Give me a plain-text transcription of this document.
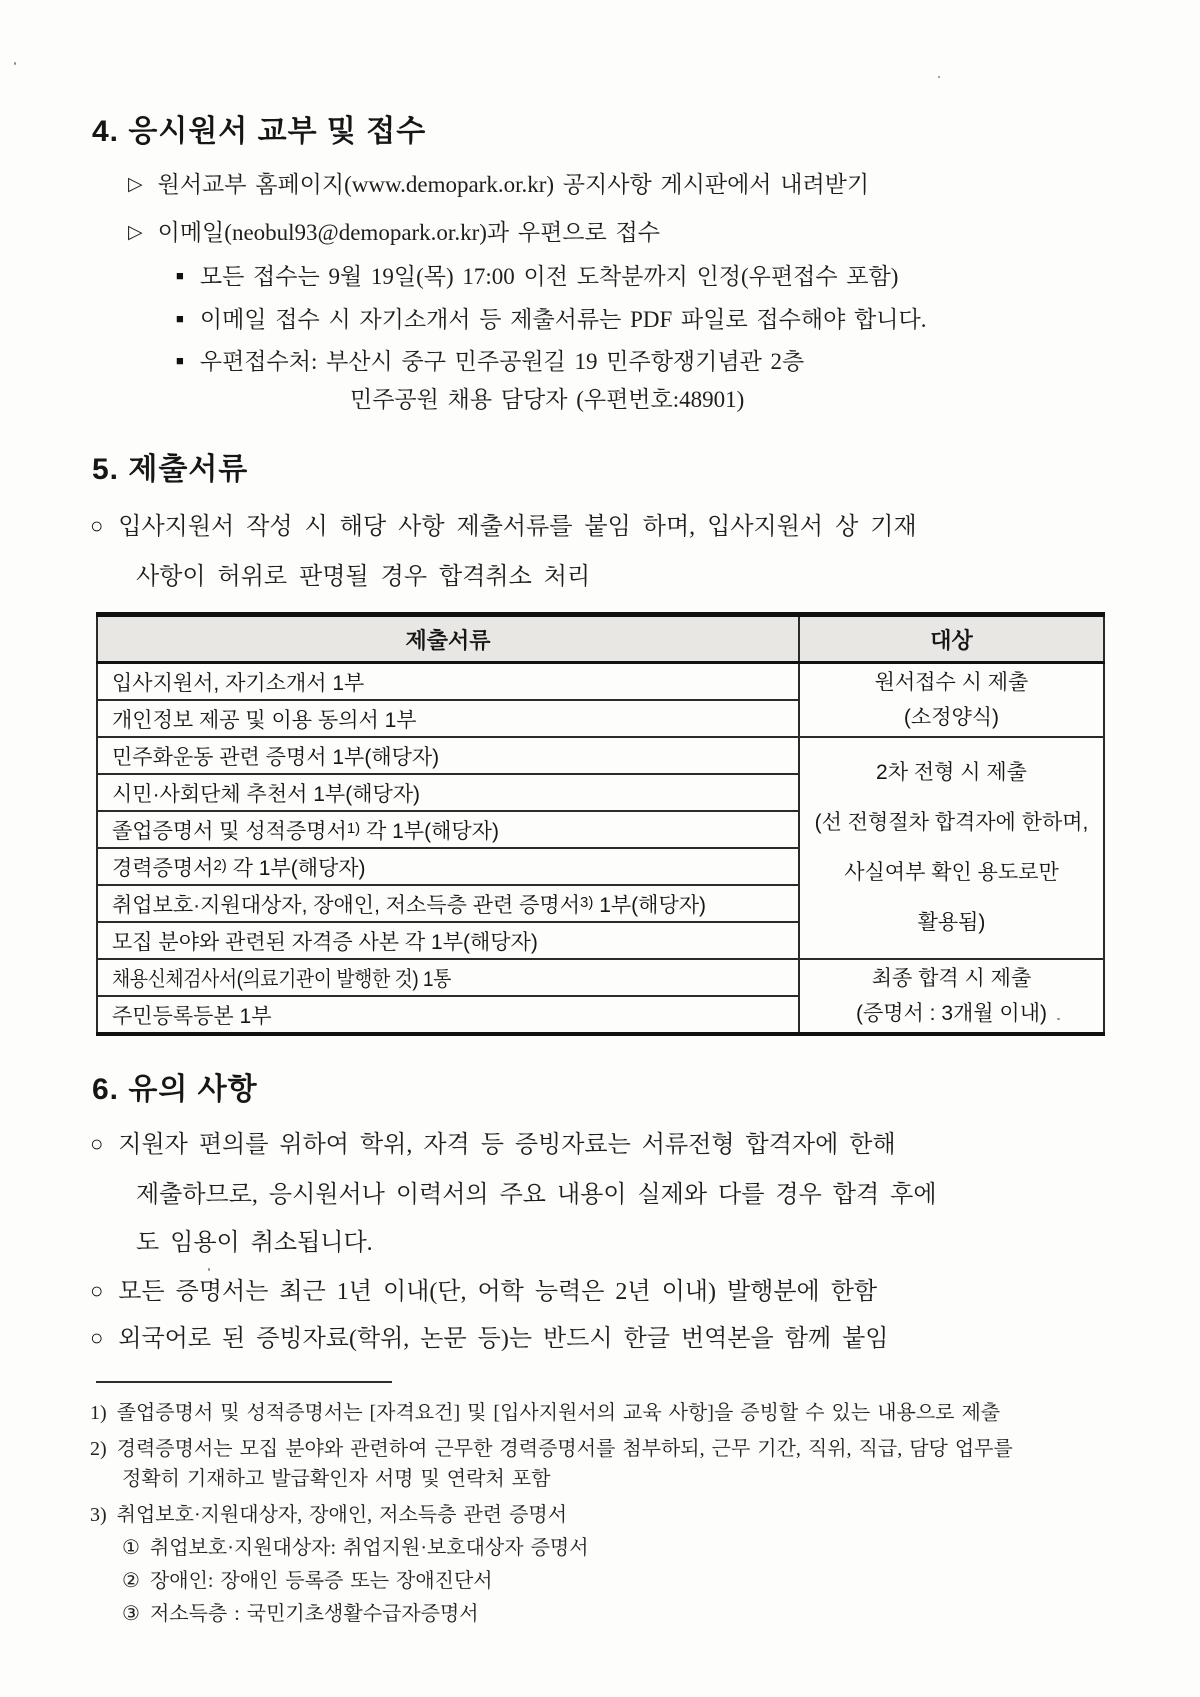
4. 응시원서 교부 및 접수
▷ 원서교부 홈페이지(www.demopark.or.kr) 공지사항 게시판에서 내려받기
▷ 이메일(neobul93@demopark.or.kr)과 우편으로 접수
■ 모든 접수는 9월 19일(목) 17:00 이전 도착분까지 인정(우편접수 포함)
■ 이메일 접수 시 자기소개서 등 제출서류는 PDF 파일로 접수해야 합니다.
■ 우편접수처: 부산시 중구 민주공원길 19 민주항쟁기념관 2층
민주공원 채용 담당자 (우편번호:48901)
5. 제출서류
○ 입사지원서 작성 시 해당 사항 제출서류를 붙임 하며, 입사지원서 상 기재
사항이 허위로 판명될 경우 합격취소 처리
제출서류	대상
입사지원서, 자기소개서 1부	원서접수 시 제출
(소정양식)

개인정보 제공 및 이용 동의서 1부	
민주화운동 관련 증명서 1부(해당자)	2차 전형 시 제출
(선 전형절차 합격자에 한하며,
사실여부 확인 용도로만
활용됨)

시민·사회단체 추천서 1부(해당자)	
졸업증명서 및 성적증명서$^{1)}$ 각 1부(해당자)	
경력증명서$^{2)}$ 각 1부(해당자)	
취업보호·지원대상자, 장애인, 저소득층 관련 증명서$^{3)}$ 1부(해당자)	
모집 분야와 관련된 자격증 사본 각 1부(해당자)	
채용신체검사서(의료기관이 발행한 것) 1통	최종 합격 시 제출
(증명서 : 3개월 이내)

주민등록등본 1부	
6. 유의 사항
○ 지원자 편의를 위하여 학위, 자격 등 증빙자료는 서류전형 합격자에 한해
제출하므로, 응시원서나 이력서의 주요 내용이 실제와 다를 경우 합격 후에
도 임용이 취소됩니다.
○ 모든 증명서는 최근 1년 이내(단, 어학 능력은 2년 이내) 발행분에 한함
○ 외국어로 된 증빙자료(학위, 논문 등)는 반드시 한글 번역본을 함께 붙임
1) 졸업증명서 및 성적증명서는 [자격요건] 및 [입사지원서의 교육 사항]을 증빙할 수 있는 내용으로 제출
2) 경력증명서는 모집 분야와 관련하여 근무한 경력증명서를 첨부하되, 근무 기간, 직위, 직급, 담당 업무를
정확히 기재하고 발급확인자 서명 및 연락처 포함
3) 취업보호·지원대상자, 장애인, 저소득층 관련 증명서
① 취업보호·지원대상자: 취업지원·보호대상자 증명서
② 장애인: 장애인 등록증 또는 장애진단서
③ 저소득층 : 국민기초생활수급자증명서
